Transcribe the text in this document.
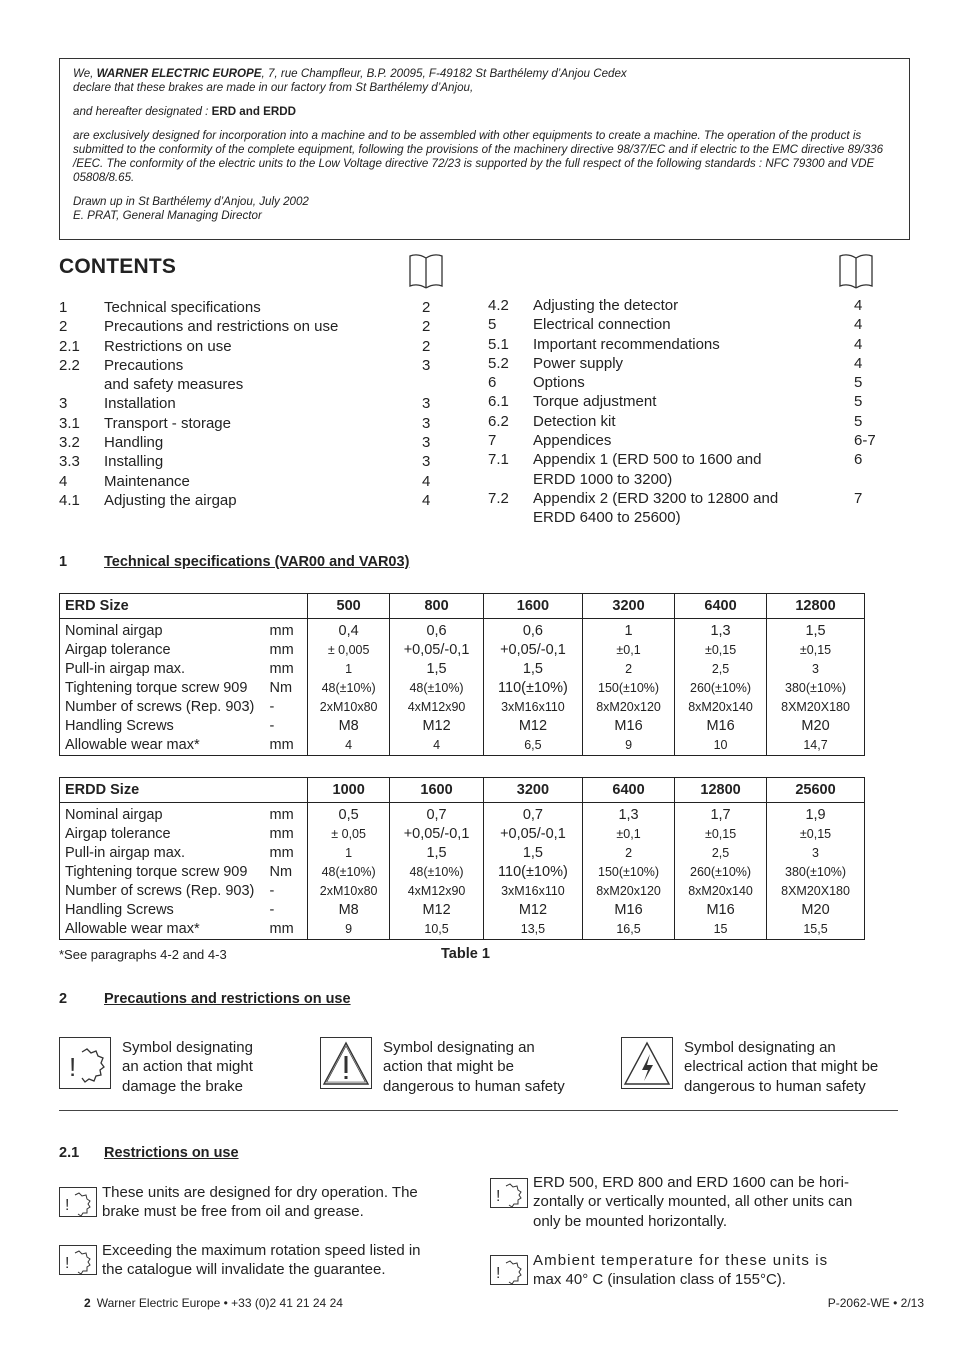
We, WARNER ELECTRIC EUROPE, 7, rue Champfleur, B.P. 20095, F-49182 St Barthélemy d’Anjou Cedex
declare that these brakes are made in our factory from St Barthélemy d’Anjou,

and hereafter designated : ERD and ERDD

are exclusively designed for incorporation into a machine and to be assembled with other equipments to create a machine. The operation of the product is submitted to the conformity of the complete equipment, following the provisions of the machinery directive 98/37/EC and if electric to the EMC directive 89/336 /EEC. The conformity of the electric units to the Low Voltage directive 72/23 is supported by the full respect of the following standards : NFC 79300 and VDE 05808/8.65.

Drawn up in St Barthélemy d’Anjou, July 2002
E. PRAT, General Managing Director

CONTENTS
1 Technical specifications	2
2 Precautions and restrictions on use	2
2.1 Restrictions on use	2
2.2 Precautions	3
and safety measures
3 Installation	3
3.1 Transport - storage	3
3.2 Handling	3
3.3 Installing	3
4 Maintenance	4
4.1 Adjusting the airgap	4
4.2 Adjusting the detector	4
5 Electrical connection	4
5.1 Important recommendations	4
5.2 Power supply	4
6 Options	5
6.1 Torque adjustment	5
6.2 Detection kit	5
7 Appendices	6-7
7.1 Appendix 1 (ERD 500 to 1600 and	6
ERDD 1000 to 3200)
7.2 Appendix 2 (ERD 3200 to 12800 and	7
ERDD 6400 to 25600)
1	Technical specifications (VAR00 and VAR03)
ERD Size		500	800	1600	3200	6400	12800
Nominal airgap	mm	0,4	0,6	0,6	1	1,3	1,5
Airgap tolerance	mm	± 0,005	+0,05/-0,1	+0,05/-0,1	±0,1	±0,15	±0,15
Pull-in airgap max.	mm	1	1,5	1,5	2	2,5	3
Tightening torque screw 909	Nm	48(±10%)	48(±10%)	110(±10%)	150(±10%)	260(±10%)	380(±10%)
Number of screws (Rep. 903)	-	2xM10x80	4xM12x90	3xM16x110	8xM20x120	8xM20x140	8XM20X180
Handling Screws	-	M8	M12	M12	M16	M16	M20
Allowable wear max*	mm	4	4	6,5	9	10	14,7
ERDD Size		1000	1600	3200	6400	12800	25600
Nominal airgap	mm	0,5	0,7	0,7	1,3	1,7	1,9
Airgap tolerance	mm	± 0,05	+0,05/-0,1	+0,05/-0,1	±0,1	±0,15	±0,15
Pull-in airgap max.	mm	1	1,5	1,5	2	2,5	3
Tightening torque screw 909	Nm	48(±10%)	48(±10%)	110(±10%)	150(±10%)	260(±10%)	380(±10%)
Number of screws (Rep. 903)	-	2xM10x80	4xM12x90	3xM16x110	8xM20x120	8xM20x140	8XM20X180
Handling Screws	-	M8	M12	M12	M16	M16	M20
Allowable wear max*	mm	9	10,5	13,5	16,5	15	15,5
*See paragraphs 4-2 and 4-3	Table 1
2	Precautions and restrictions on use
!
Symbol designating
an action that might
damage the brake
Symbol designating an
action that might be
dangerous to human safety
Symbol designating an
electrical action that might be
dangerous to human safety
2.1 Restrictions on use
!
These units are designed for dry operation. The
brake must be free from oil and grease.
!
Exceeding the maximum rotation speed listed in
the catalogue will invalidate the guarantee.
!
ERD 500, ERD 800 and ERD 1600 can be hori-
zontally or vertically mounted, all other units can
only be mounted horizontally.
!
Ambient temperature for these units is
max 40° C (insulation class of 155°C).
2 Warner Electric Europe • +33 (0)2 41 21 24 24	P-2062-WE • 2/13
